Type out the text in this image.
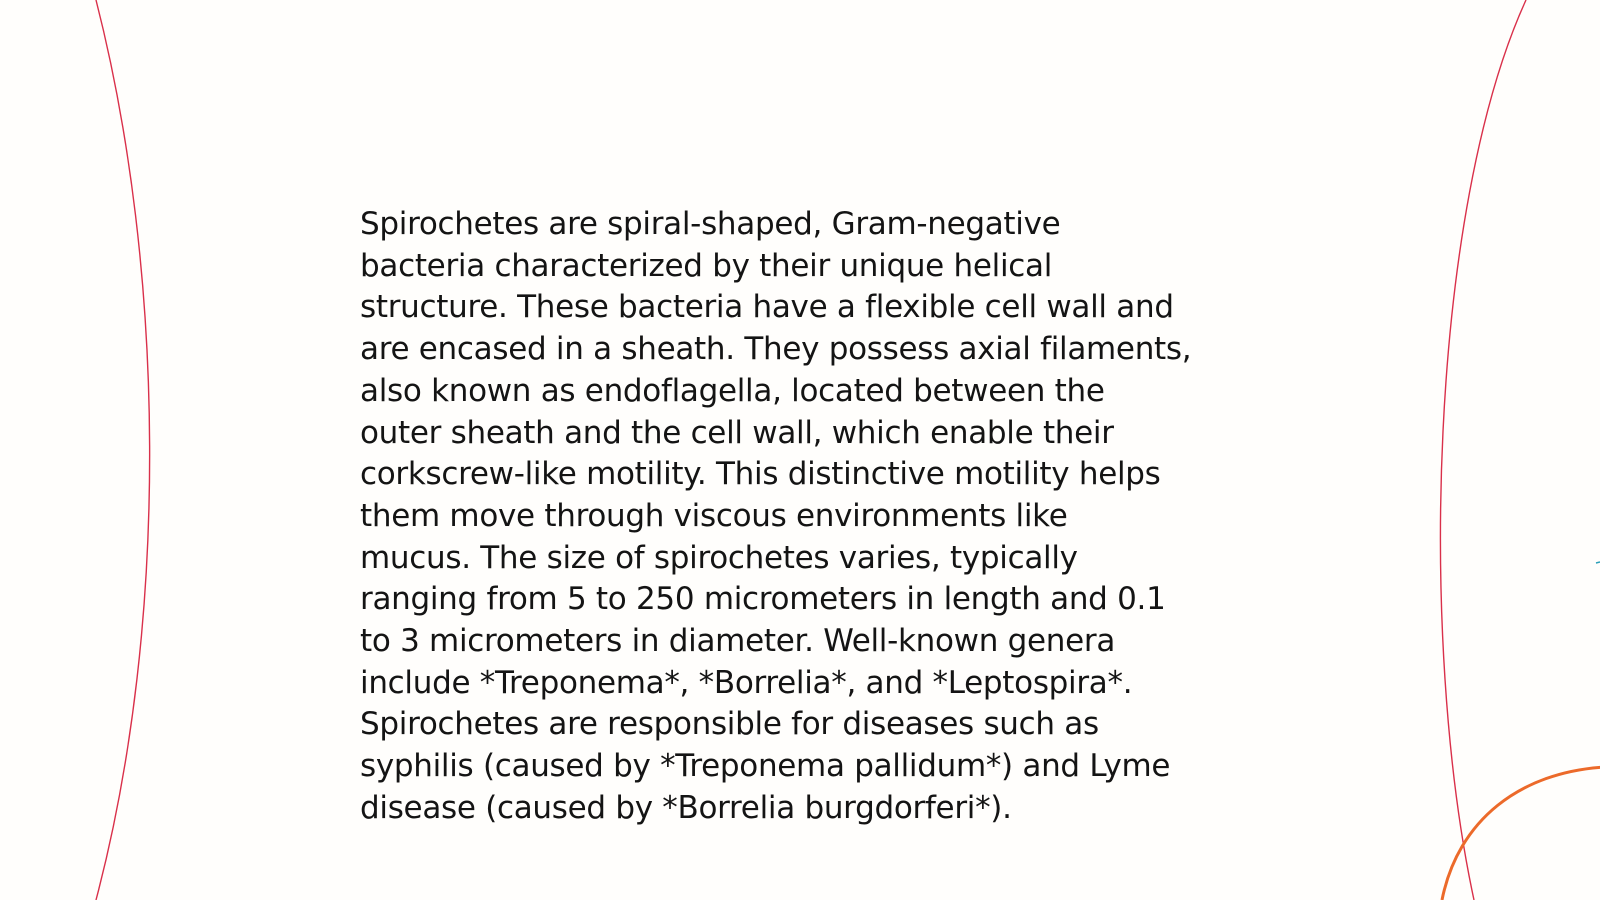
Spirochetes are spiral-shaped, Gram-negative
bacteria characterized by their unique helical
structure. These bacteria have a flexible cell wall and
are encased in a sheath. They possess axial filaments,
also known as endoflagella, located between the
outer sheath and the cell wall, which enable their
corkscrew-like motility. This distinctive motility helps
them move through viscous environments like
mucus. The size of spirochetes varies, typically
ranging from 5 to 250 micrometers in length and 0.1
to 3 micrometers in diameter. Well-known genera
include *Treponema*, *Borrelia*, and *Leptospira*.
Spirochetes are responsible for diseases such as
syphilis (caused by *Treponema pallidum*) and Lyme
disease (caused by *Borrelia burgdorferi*).
